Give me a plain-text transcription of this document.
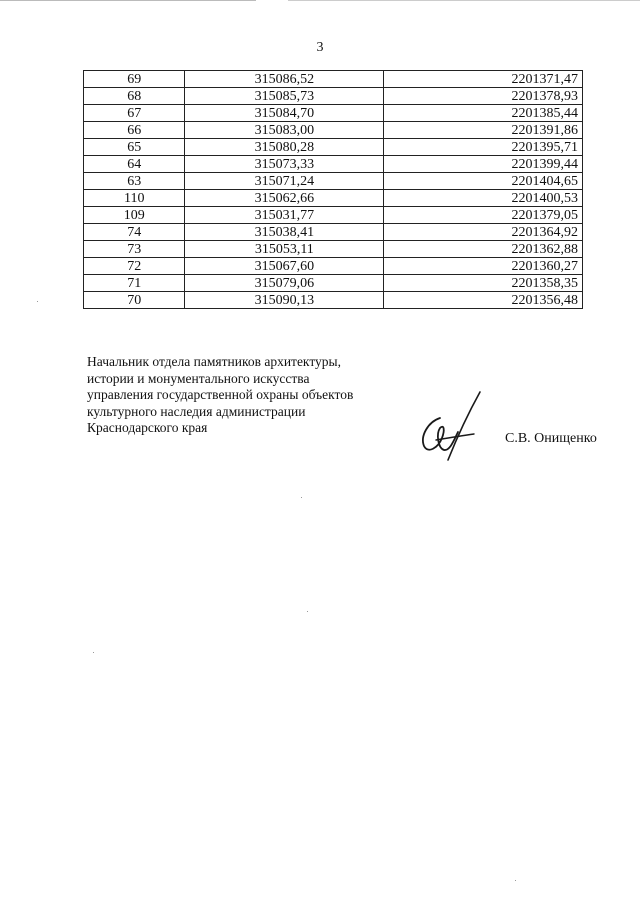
3
69	315086,52	2201371,47
68	315085,73	2201378,93
67	315084,70	2201385,44
66	315083,00	2201391,86
65	315080,28	2201395,71
64	315073,33	2201399,44
63	315071,24	2201404,65
110	315062,66	2201400,53
109	315031,77	2201379,05
74	315038,41	2201364,92
73	315053,11	2201362,88
72	315067,60	2201360,27
71	315079,06	2201358,35
70	315090,13	2201356,48
Начальник отдела памятников архитектуры,
истории и монументального искусства
управления государственной охраны объектов
культурного наследия администрации
Краснодарского края
С.В. Онищенко
